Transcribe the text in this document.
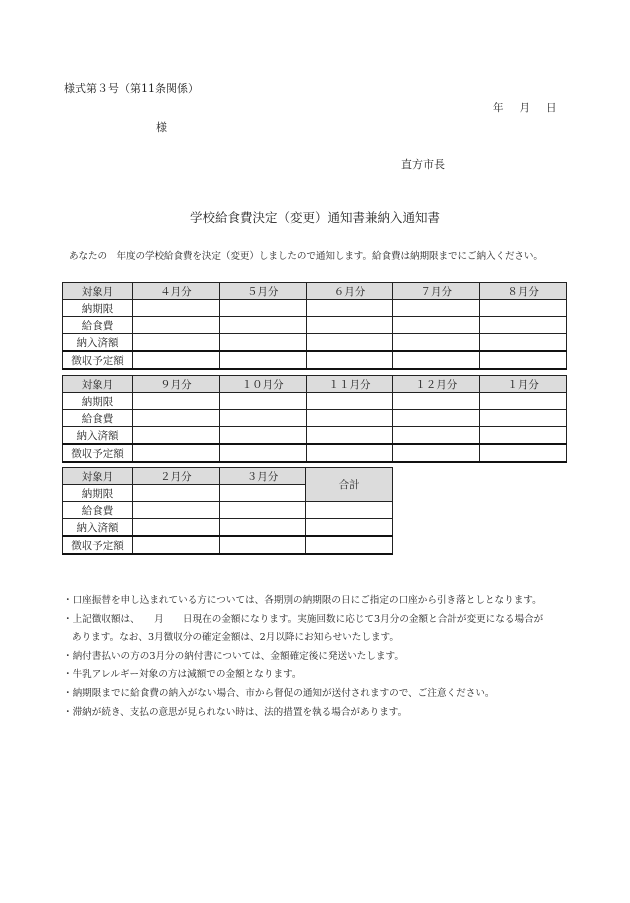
様式第３号（第11条関係）
年 月 日
様
直方市長
学校給食費決定（変更）通知書兼納入通知書
あなたの　年度の学校給食費を決定（変更）しましたので通知します。給食費は納期限までにご納入ください。
対象月	４月分	５月分	６月分	７月分	８月分
納期限					
給食費					
納入済額					
徴収予定額					
対象月	９月分	１０月分	１１月分	１２月分	１月分
納期限					
給食費					
納入済額					
徴収予定額					
対象月	２月分	３月分	合計
納期限			
給食費			
納入済額			
徴収予定額			
・口座振替を申し込まれている方については、各期別の納期限の日にご指定の口座から引き落としとなります。
・上記徴収額は、　　月　　日現在の金額になります。実施回数に応じて3月分の金額と合計が変更になる場合が
あります。なお、3月徴収分の確定金額は、2月以降にお知らせいたします。
・納付書払いの方の3月分の納付書については、金額確定後に発送いたします。
・牛乳アレルギー対象の方は減額での金額となります。
・納期限までに給食費の納入がない場合、市から督促の通知が送付されますので、ご注意ください。
・滞納が続き、支払の意思が見られない時は、法的措置を執る場合があります。
